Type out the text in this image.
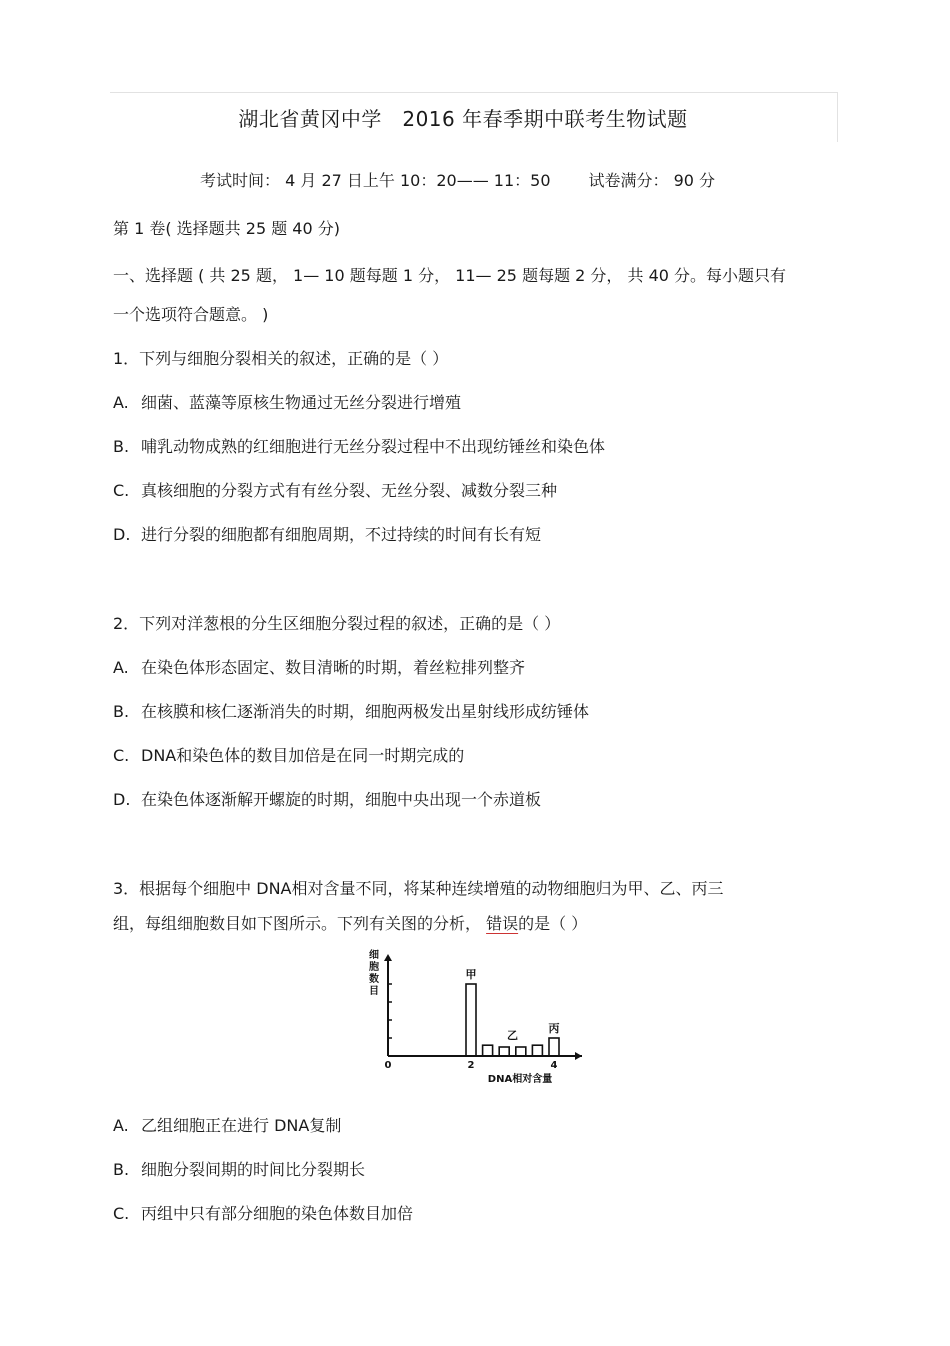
湖北省黄冈中学　2016 年春季期中联考生物试题
考试时间： 4 月 27 日上午 10：20—— 11：50 试卷满分： 90 分
第 1 卷( 选择题共 25 题 40 分)
一、选择题 ( 共 25 题， 1— 10 题每题 1 分， 11— 25 题每题 2 分， 共 40 分。每小题只有
一个选项符合题意。 )
1．下列与细胞分裂相关的叙述，正确的是（ ）
A. 细菌、蓝藻等原核生物通过无丝分裂进行增殖
B. 哺乳动物成熟的红细胞进行无丝分裂过程中不出现纺锤丝和染色体
C. 真核细胞的分裂方式有有丝分裂、无丝分裂、减数分裂三种
D. 进行分裂的细胞都有细胞周期，不过持续的时间有长有短
2．下列对洋葱根的分生区细胞分裂过程的叙述，正确的是（ ）
A. 在染色体形态固定、数目清晰的时期，着丝粒排列整齐
B. 在核膜和核仁逐渐消失的时期，细胞两极发出星射线形成纺锤体
C. DNA和染色体的数目加倍是在同一时期完成的
D. 在染色体逐渐解开螺旋的时期，细胞中央出现一个赤道板
3．根据每个细胞中 DNA相对含量不同，将某种连续增殖的动物细胞归为甲、乙、丙三
组，每组细胞数目如下图所示。下列有关图的分析， 错误的是（ ）
细胞数目
0	2	4
DNA相对含量
甲
乙
丙
A. 乙组细胞正在进行 DNA复制
B. 细胞分裂间期的时间比分裂期长
C. 丙组中只有部分细胞的染色体数目加倍
